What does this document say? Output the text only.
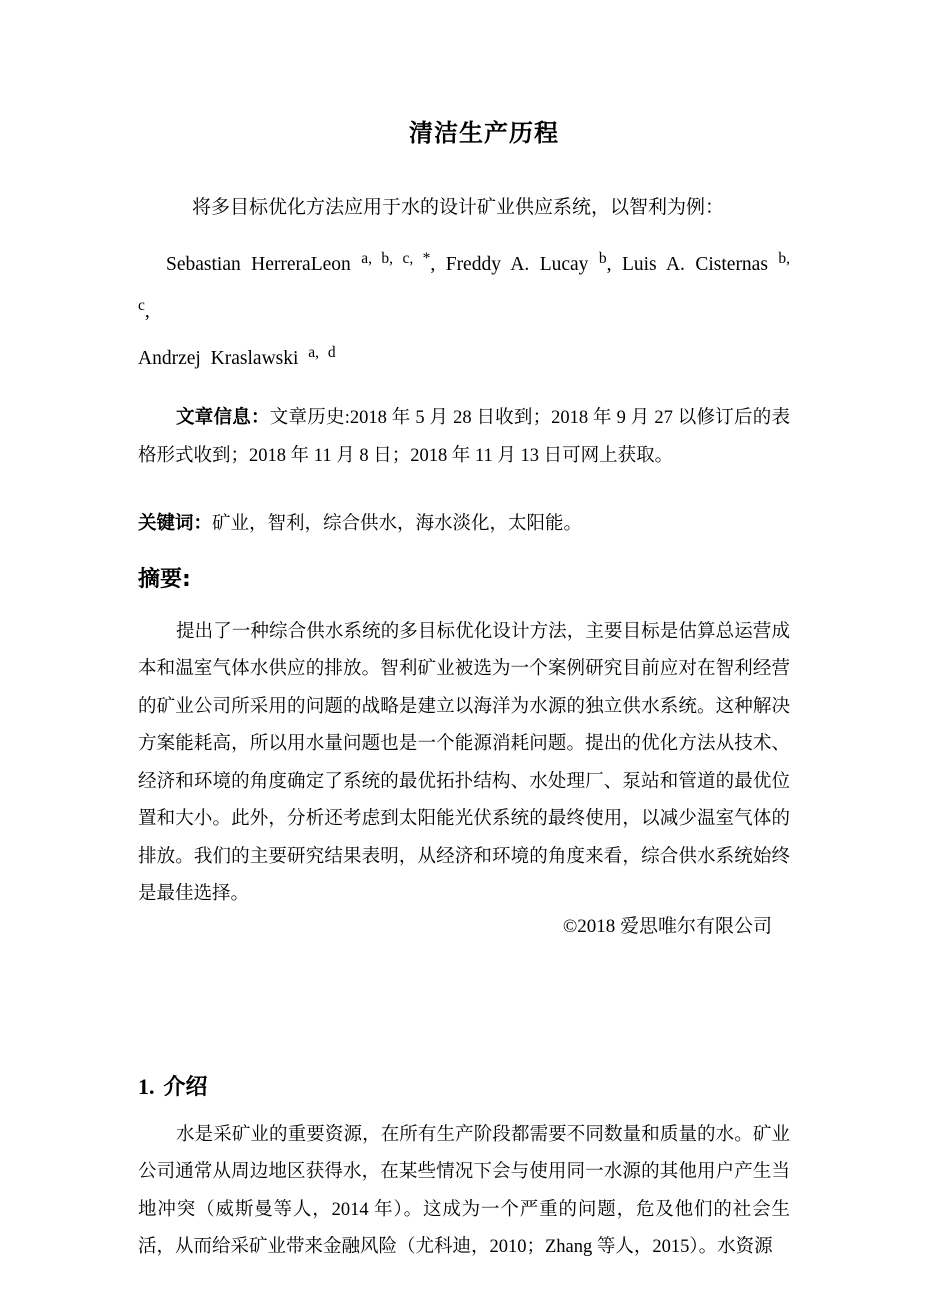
清洁生产历程

将多目标优化方法应用于水的设计矿业供应系统，以智利为例：

Sebastian HerreraLeon $^{a, b, c, *}$, Freddy A. Lucay $^b$, Luis A. Cisternas $^{b, c}$,
Andrzej Kraslawski $^{a, d}$

文章信息：文章历史:2018 年 5 月 28 日收到；2018 年 9 月 27 以修订后的表格形式收到；2018 年 11 月 8 日；2018 年 11 月 13 日可网上获取。

关键词：矿业，智利，综合供水，海水淡化，太阳能。

摘要:

提出了一种综合供水系统的多目标优化设计方法，主要目标是估算总运营成本和温室气体水供应的排放。智利矿业被选为一个案例研究目前应对在智利经营的矿业公司所采用的问题的战略是建立以海洋为水源的独立供水系统。这种解决方案能耗高，所以用水量问题也是一个能源消耗问题。提出的优化方法从技术、经济和环境的角度确定了系统的最优拓扑结构、水处理厂、泵站和管道的最优位置和大小。此外，分析还考虑到太阳能光伏系统的最终使用，以减少温室气体的排放。我们的主要研究结果表明，从经济和环境的角度来看，综合供水系统始终是最佳选择。

©2018 爱思唯尔有限公司

1. 介绍

水是采矿业的重要资源，在所有生产阶段都需要不同数量和质量的水。矿业公司通常从周边地区获得水，在某些情况下会与使用同一水源的其他用户产生当地冲突（威斯曼等人，2014 年）。这成为一个严重的问题，危及他们的社会生活，从而给采矿业带来金融风险（尤科迪，2010；Zhang 等人，2015）。水资源
